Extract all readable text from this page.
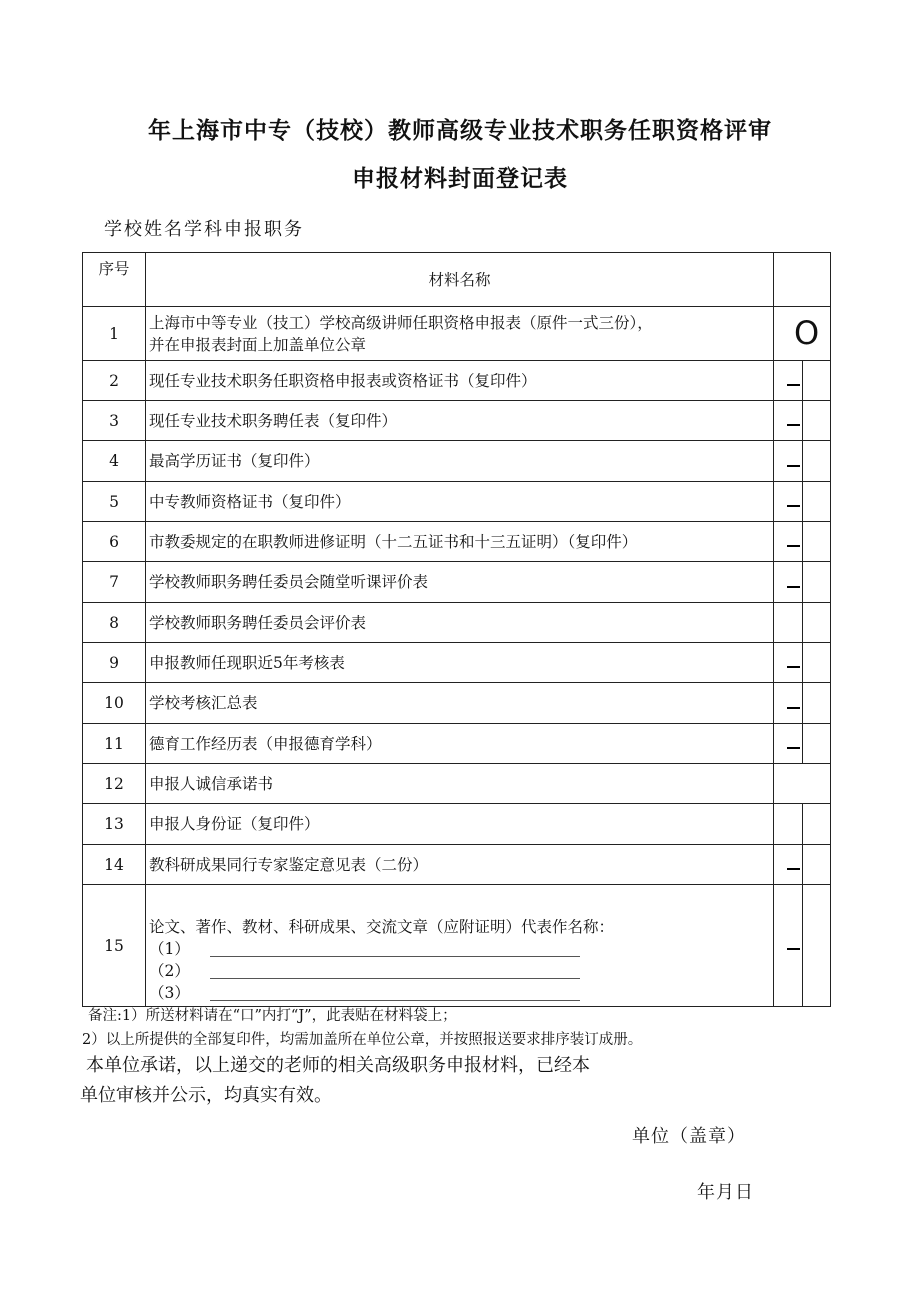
年上海市中专（技校）教师高级专业技术职务任职资格评审
申报材料封面登记表
学校姓名学科申报职务
序号	材料名称		
1	上海市中等专业（技工）学校高级讲师任职资格申报表（原件一式三份），

并在申报表封面上加盖单位公章	O	

2	现任专业技术职务任职资格申报表或资格证书（复印件）	

3	现任专业技术职务聘任表（复印件）	

4	最高学历证书（复印件）	

5	中专教师资格证书（复印件）	

6	市教委规定的在职教师进修证明（十二五证书和十三五证明）（复印件）	

7	学校教师职务聘任委员会随堂听课评价表	

8	学校教师职务聘任委员会评价表		
9	申报教师任现职近5年考核表	

10	学校考核汇总表	

11	德育工作经历表（申报德育学科）	

12	申报人诚信承诺书		
13	申报人身份证（复印件）		
14	教科研成果同行专家鉴定意见表（二份）	

15	论文、著作、教材、科研成果、交流文章（应附证明）代表作名称：

（1）

（2）

（3）		

备注:1）所送材料请在“口”内打“J”，此表贴在材料袋上；
2）以上所提供的全部复印件，均需加盖所在单位公章，并按照报送要求排序装订成册。
本单位承诺，以上递交的老师的相关高级职务申报材料，已经本
单位审核并公示，均真实有效。
单位（盖章）
年月日
